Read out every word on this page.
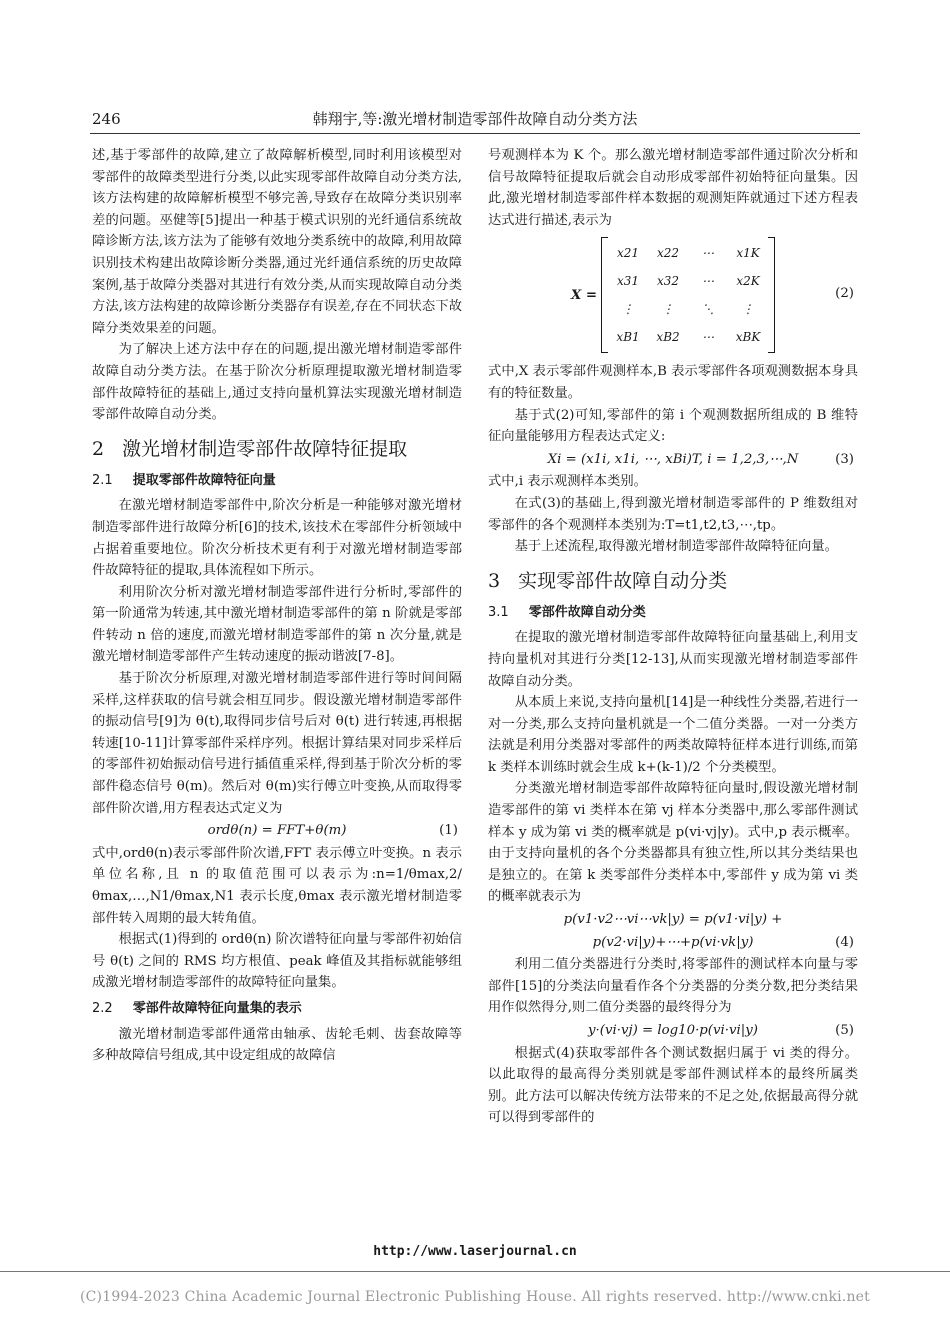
246	韩翔宇,等:激光增材制造零部件故障自动分类方法

述,基于零部件的故障,建立了故障解析模型,同时利用该模型对零部件的故障类型进行分类,以此实现零部件故障自动分类方法,该方法构建的故障解析模型不够完善,导致存在故障分类识别率差的问题。巫健等[5]提出一种基于模式识别的光纤通信系统故障诊断方法,该方法为了能够有效地分类系统中的故障,利用故障识别技术构建出故障诊断分类器,通过光纤通信系统的历史故障案例,基于故障分类器对其进行有效分类,从而实现故障自动分类方法,该方法构建的故障诊断分类器存有误差,存在不同状态下故障分类效果差的问题。

为了解决上述方法中存在的问题,提出激光增材制造零部件故障自动分类方法。在基于阶次分析原理提取激光增材制造零部件故障特征的基础上,通过支持向量机算法实现激光增材制造零部件故障自动分类。

2 激光增材制造零部件故障特征提取
2.1 提取零部件故障特征向量

在激光增材制造零部件中,阶次分析是一种能够对激光增材制造零部件进行故障分析[6]的技术,该技术在零部件分析领域中占据着重要地位。阶次分析技术更有利于对激光增材制造零部件故障特征的提取,具体流程如下所示。

利用阶次分析对激光增材制造零部件进行分析时,零部件的第一阶通常为转速,其中激光增材制造零部件的第 n 阶就是零部件转动 n 倍的速度,而激光增材制造零部件的第 n 次分量,就是激光增材制造零部件产生转动速度的振动谐波[7-8]。

基于阶次分析原理,对激光增材制造零部件进行等时间间隔采样,这样获取的信号就会相互同步。假设激光增材制造零部件的振动信号[9]为 θ(t),取得同步信号后对 θ(t) 进行转速,再根据转速[10-11]计算零部件采样序列。根据计算结果对同步采样后的零部件初始振动信号进行插值重采样,得到基于阶次分析的零部件稳态信号 θ(m)。然后对 θ(m)实行傅立叶变换,从而取得零部件阶次谱,用方程表达式定义为

ordθ(n) = FFT+θ(m)	(1)

式中,ordθ(n)表示零部件阶次谱,FFT 表示傅立叶变换。n 表示单位名称,且 n 的取值范围可以表示为:n=1/θmax,2/θmax,…,N1/θmax,N1 表示长度,θmax 表示激光增材制造零部件转入周期的最大转角值。

根据式(1)得到的 ordθ(n) 阶次谱特征向量与零部件初始信号 θ(t) 之间的 RMS 均方根值、peak 峰值及其指标就能够组成激光增材制造零部件的故障特征向量集。

2.2 零部件故障特征向量集的表示

激光增材制造零部件通常由轴承、齿轮毛刺、齿套故障等多种故障信号组成,其中设定组成的故障信

号观测样本为 K 个。那么激光增材制造零部件通过阶次分析和信号故障特征提取后就会自动形成零部件初始特征向量集。因此,激光增材制造零部件样本数据的观测矩阵就通过下述方程表达式进行描述,表示为

X =
x21	x22	⋯	x1K
x31	x32	⋯	x2K
⋮	⋮	⋱	⋮
xB1	xB2	⋯	xBK
(2)

式中,X 表示零部件观测样本,B 表示零部件各项观测数据本身具有的特征数量。

基于式(2)可知,零部件的第 i 个观测数据所组成的 B 维特征向量能够用方程表达式定义:

Xi = (x1i, x1i, ⋯, xBi)T, i = 1,2,3,⋯,N	(3)

式中,i 表示观测样本类别。

在式(3)的基础上,得到激光增材制造零部件的 P 维数组对零部件的各个观测样本类别为:T=t1,t2,t3,⋯,tp。

基于上述流程,取得激光增材制造零部件故障特征向量。

3 实现零部件故障自动分类
3.1 零部件故障自动分类

在提取的激光增材制造零部件故障特征向量基础上,利用支持向量机对其进行分类[12-13],从而实现激光增材制造零部件故障自动分类。

从本质上来说,支持向量机[14]是一种线性分类器,若进行一对一分类,那么支持向量机就是一个二值分类器。一对一分类方法就是利用分类器对零部件的两类故障特征样本进行训练,而第 k 类样本训练时就会生成 k+(k-1)/2 个分类模型。

分类激光增材制造零部件故障特征向量时,假设激光增材制造零部件的第 vi 类样本在第 vj 样本分类器中,那么零部件测试样本 y 成为第 vi 类的概率就是 p(vi·vj|y)。式中,p 表示概率。由于支持向量机的各个分类器都具有独立性,所以其分类结果也是独立的。在第 k 类零部件分类样本中,零部件 y 成为第 vi 类的概率就表示为

p(v1·v2⋯vi⋯vk|y) = p(v1·vi|y) +
p(v2·vi|y)+⋯+p(vi·vk|y)	(4)

利用二值分类器进行分类时,将零部件的测试样本向量与零部件[15]的分类法向量看作各个分类器的分类分数,把分类结果用作似然得分,则二值分类器的最终得分为

y·(vi·vj) = log10·p(vi·vi|y)	(5)

根据式(4)获取零部件各个测试数据归属于 vi 类的得分。以此取得的最高得分类别就是零部件测试样本的最终所属类别。此方法可以解决传统方法带来的不足之处,依据最高得分就可以得到零部件的

http://www.laserjournal.cn
(C)1994-2023 China Academic Journal Electronic Publishing House. All rights reserved. http://www.cnki.net
